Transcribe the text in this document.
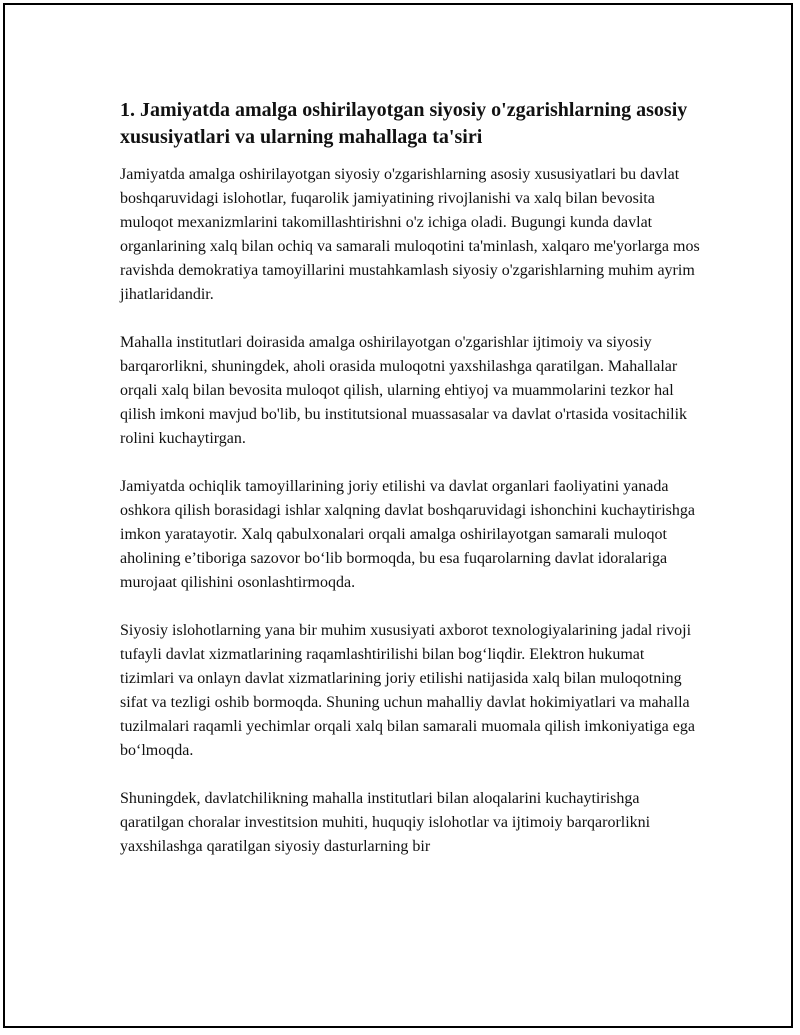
1. Jamiyatda amalga oshirilayotgan siyosiy o'zgarishlarning asosiy xususiyatlari va ularning mahallaga ta'siri

Jamiyatda amalga oshirilayotgan siyosiy o'zgarishlarning asosiy xususiyatlari bu davlat boshqaruvidagi islohotlar, fuqarolik jamiyatining rivojlanishi va xalq bilan bevosita muloqot mexanizmlarini takomillashtirishni o'z ichiga oladi. Bugungi kunda davlat organlarining xalq bilan ochiq va samarali muloqotini ta'minlash, xalqaro me'yorlarga mos ravishda demokratiya tamoyillarini mustahkamlash siyosiy o'zgarishlarning muhim ayrim jihatlaridandir.

Mahalla institutlari doirasida amalga oshirilayotgan o'zgarishlar ijtimoiy va siyosiy barqarorlikni, shuningdek, aholi orasida muloqotni yaxshilashga qaratilgan. Mahallalar orqali xalq bilan bevosita muloqot qilish, ularning ehtiyoj va muammolarini tezkor hal qilish imkoni mavjud bo'lib, bu institutsional muassasalar va davlat o'rtasida vositachilik rolini kuchaytirgan.

Jamiyatda ochiqlik tamoyillarining joriy etilishi va davlat organlari faoliyatini yanada oshkora qilish borasidagi ishlar xalqning davlat boshqaruvidagi ishonchini kuchaytirishga imkon yaratayotir. Xalq qabulxonalari orqali amalga oshirilayotgan samarali muloqot aholining e’tiboriga sazovor bo‘lib bormoqda, bu esa fuqarolarning davlat idoralariga murojaat qilishini osonlashtirmoqda.

Siyosiy islohotlarning yana bir muhim xususiyati axborot texnologiyalarining jadal rivoji tufayli davlat xizmatlarining raqamlashtirilishi bilan bog‘liqdir. Elektron hukumat tizimlari va onlayn davlat xizmatlarining joriy etilishi natijasida xalq bilan muloqotning sifat va tezligi oshib bormoqda. Shuning uchun mahalliy davlat hokimiyatlari va mahalla tuzilmalari raqamli yechimlar orqali xalq bilan samarali muomala qilish imkoniyatiga ega bo‘lmoqda.

Shuningdek, davlatchilikning mahalla institutlari bilan aloqalarini kuchaytirishga qaratilgan choralar investitsion muhiti, huquqiy islohotlar va ijtimoiy barqarorlikni yaxshilashga qaratilgan siyosiy dasturlarning bir
